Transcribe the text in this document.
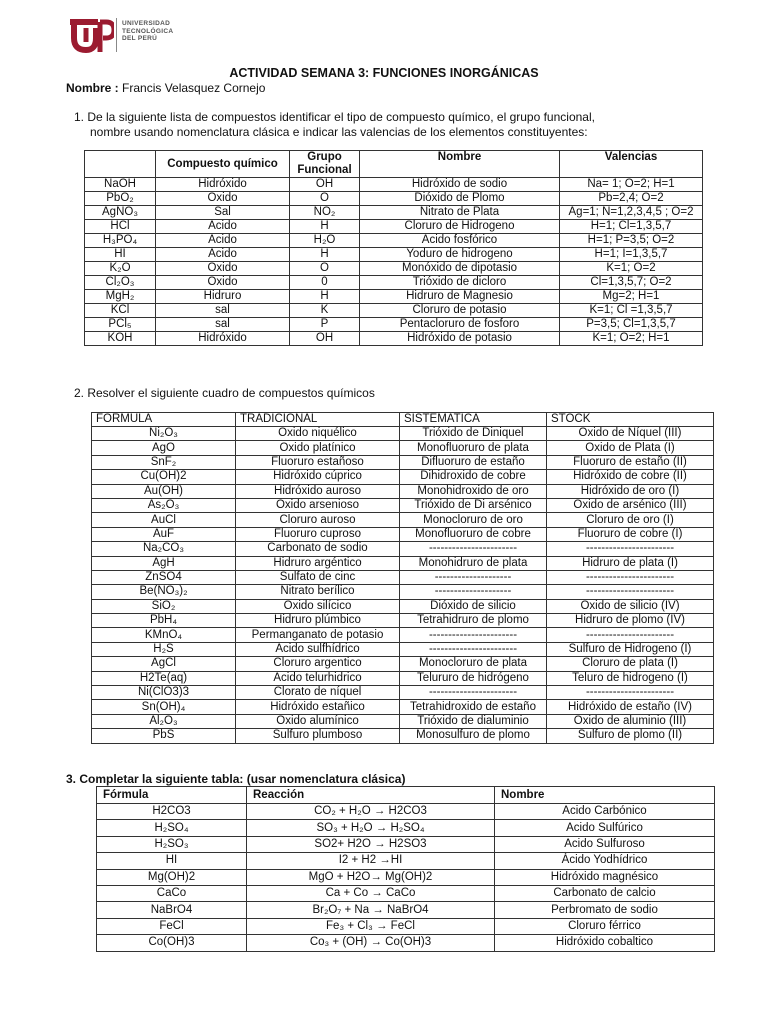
UNIVERSIDAD
TECNOLÓGICA
DEL PERÚ
ACTIVIDAD SEMANA 3: FUNCIONES INORGÁNICAS
Nombre : Francis Velasquez Cornejo
1. De la siguiente lista de compuestos identificar el tipo de compuesto químico, el grupo funcional,
nombre usando nomenclatura clásica e indicar las valencias de los elementos constituyentes:
	Compuesto químico	Grupo Funcional	Nombre	Valencias
NaOH	Hidróxido	OH	Hidróxido de sodio	Na= 1; O=2; H=1
PbO₂	Óxido	O	Dióxido de Plomo	Pb=2,4; O=2
AgNO₃	Sal	NO₂	Nitrato de Plata	Ag=1; N=1,2,3,4,5 ; O=2
HCl	Acido	H	Cloruro de Hidrogeno	H=1; Cl=1,3,5,7
H₃PO₄	Acido	H₂O	Acido fosfórico	H=1; P=3,5; O=2
HI	Ácido	H	Yoduro de hidrogeno	H=1; I=1,3,5,7
K₂O	Óxido	O	Monóxido de dipotasio	K=1; O=2
Cl₂O₃	Óxido	0	Trióxido de dicloro	Cl=1,3,5,7; O=2
MgH₂	Hidruro	H	Hidruro de Magnesio	Mg=2; H=1
KCl	sal	K	Cloruro de potasio	K=1; Cl =1,3,5,7
PCl₅	sal	P	Pentacloruro de fosforo	P=3,5; Cl=1,3,5,7
KOH	Hidróxido	OH	Hidróxido de potasio	K=1; O=2; H=1
2. Resolver el siguiente cuadro de compuestos químicos
FORMULA	TRADICIONAL	SISTEMATICA	STOCK
Ni₂O₃	Oxido niquélico	Trióxido de Diniquel	Oxido de Níquel (III)
AgO	Oxido platínico	Monofluoruro de plata	Oxido de Plata (I)
SnF₂	Fluoruro estañoso	Difluoruro de estaño	Fluoruro de estaño (II)
Cu(OH)2	Hidróxido cúprico	Dihidroxido de cobre	Hidróxido de cobre (II)
Au(OH)	Hidróxido auroso	Monohidroxido de oro	Hidróxido de oro (I)
As₂O₃	Oxido arsenioso	Trióxido de Di arsénico	Oxido de arsénico (III)
AuCl	Cloruro auroso	Monocloruro de oro	Cloruro de oro (I)
AuF	Fluoruro cuproso	Monofluoruro de cobre	Fluoruro de cobre (I)
Na₂CO₃	Carbonato de sodio	-----------------------	-----------------------
AgH	Hidruro argéntico	Monohidruro de plata	Hidruro de plata (I)
ZnSO4	Sulfato de cinc	--------------------	-----------------------
Be(NO₃)₂	Nitrato berílico	--------------------	-----------------------
SiO₂	Oxido silícico	Dióxido de silicio	Oxido de silicio (IV)
PbH₄	Hidruro plúmbico	Tetrahidruro de plomo	Hidruro de plomo (IV)
KMnO₄	Permanganato de potasio	-----------------------	-----------------------
H₂S	Ácido sulfhídrico	-----------------------	Sulfuro de Hidrogeno (I)
AgCl	Cloruro argentico	Monocloruro de plata	Cloruro de plata (I)
H2Te(aq)	Acido telurhidrico	Telururo de hidrógeno	Teluro de hidrogeno (I)
Ni(ClO3)3	Clorato de níquel	-----------------------	-----------------------
Sn(OH)₄	Hidróxido estañico	Tetrahidroxido de estaño	Hidróxido de estaño (IV)
Al₂O₃	Oxido alumínico	Trióxido de dialuminio	Oxido de aluminio (III)
PbS	Sulfuro plumboso	Monosulfuro de plomo	Sulfuro de plomo (II)
3. Completar la siguiente tabla: (usar nomenclatura clásica)
Fórmula	Reacción	Nombre
H2CO3	CO₂ + H₂O → H2CO3	Acido Carbónico
H₂SO₄	SO₃ + H₂O → H₂SO₄	Acido Sulfúrico
H₂SO₃	SO2+ H2O → H2SO3	Acido Sulfuroso
HI	I2 + H2 →HI	Ácido Yodhídrico
Mg(OH)2	MgO + H2O→ Mg(OH)2	Hidróxido magnésico
CaCo	Ca + Co → CaCo	Carbonato de calcio
NaBrO4	Br₂O₇ + Na → NaBrO4	Perbromato de sodio
FeCl	Fe₃ + Cl₃ → FeCl	Cloruro férrico
Co(OH)3	Co₃ + (OH) → Co(OH)3	Hidróxido cobaltico
